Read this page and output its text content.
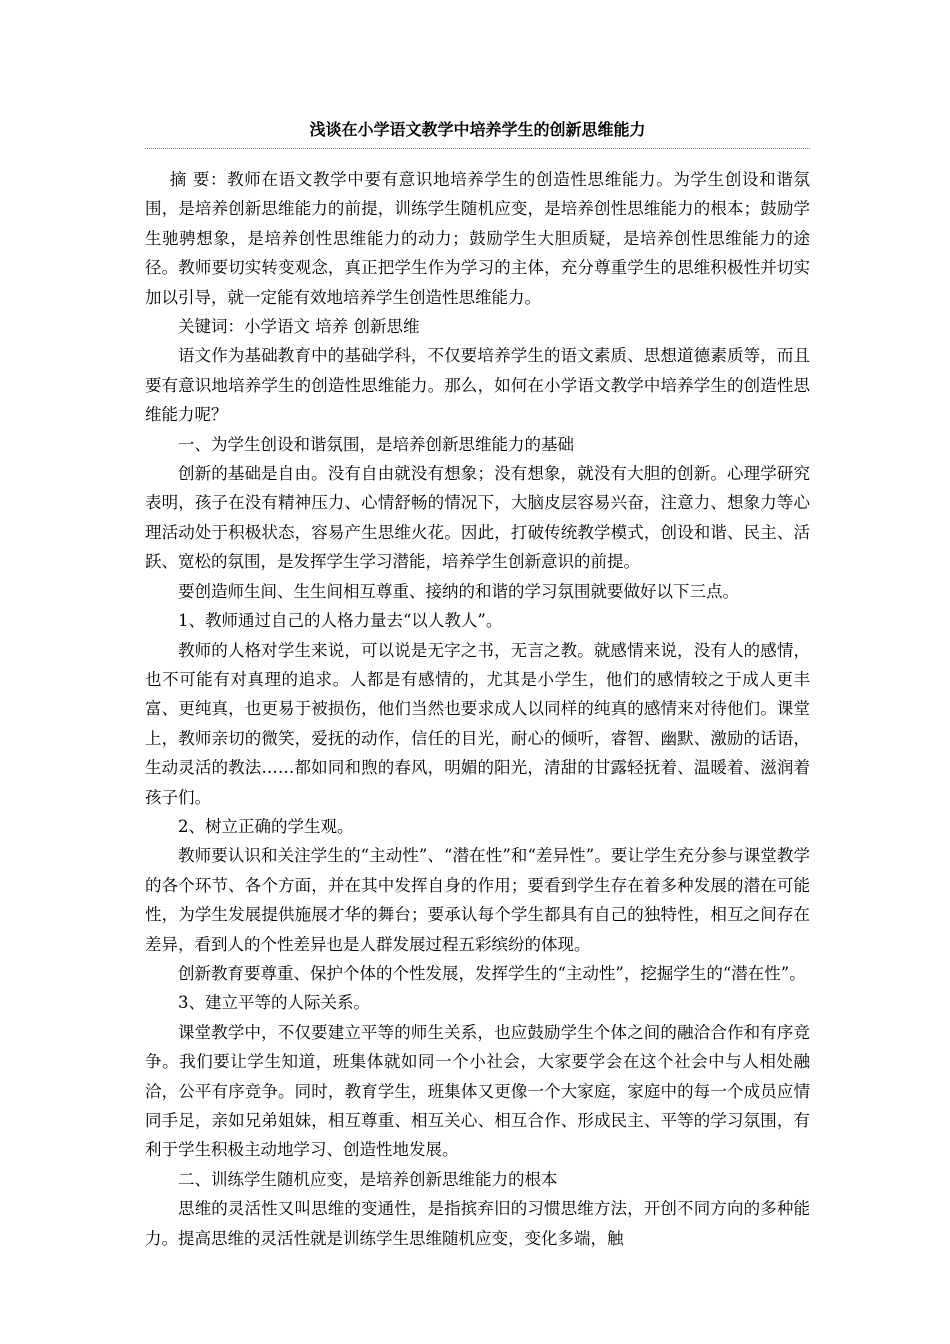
浅谈在小学语文教学中培养学生的创新思维能力

摘 要：教师在语文教学中要有意识地培养学生的创造性思维能力。为学生创设和谐氛围，是培养创新思维能力的前提，训练学生随机应变，是培养创性思维能力的根本；鼓励学生驰骋想象，是培养创性思维能力的动力；鼓励学生大胆质疑，是培养创性思维能力的途径。教师要切实转变观念，真正把学生作为学习的主体，充分尊重学生的思维积极性并切实加以引导，就一定能有效地培养学生创造性思维能力。

关键词：小学语文 培养 创新思维

语文作为基础教育中的基础学科，不仅要培养学生的语文素质、思想道德素质等，而且要有意识地培养学生的创造性思维能力。那么，如何在小学语文教学中培养学生的创造性思维能力呢？

一、为学生创设和谐氛围，是培养创新思维能力的基础

创新的基础是自由。没有自由就没有想象；没有想象，就没有大胆的创新。心理学研究表明，孩子在没有精神压力、心情舒畅的情况下，大脑皮层容易兴奋，注意力、想象力等心理活动处于积极状态，容易产生思维火花。因此，打破传统教学模式，创设和谐、民主、活跃、宽松的氛围，是发挥学生学习潜能，培养学生创新意识的前提。

要创造师生间、生生间相互尊重、接纳的和谐的学习氛围就要做好以下三点。

1、教师通过自己的人格力量去“以人教人”。

教师的人格对学生来说，可以说是无字之书，无言之教。就感情来说，没有人的感情，也不可能有对真理的追求。人都是有感情的，尤其是小学生，他们的感情较之于成人更丰富、更纯真，也更易于被损伤，他们当然也要求成人以同样的纯真的感情来对待他们。课堂上，教师亲切的微笑，爱抚的动作，信任的目光，耐心的倾听，睿智、幽默、激励的话语，生动灵活的教法……都如同和煦的春风，明媚的阳光，清甜的甘露轻抚着、温暖着、滋润着孩子们。

2、树立正确的学生观。

教师要认识和关注学生的“主动性”、“潜在性”和“差异性”。要让学生充分参与课堂教学的各个环节、各个方面，并在其中发挥自身的作用；要看到学生存在着多种发展的潜在可能性，为学生发展提供施展才华的舞台；要承认每个学生都具有自己的独特性，相互之间存在差异，看到人的个性差异也是人群发展过程五彩缤纷的体现。

创新教育要尊重、保护个体的个性发展，发挥学生的“主动性”，挖掘学生的“潜在性”。

3、建立平等的人际关系。

课堂教学中，不仅要建立平等的师生关系，也应鼓励学生个体之间的融洽合作和有序竞争。我们要让学生知道，班集体就如同一个小社会，大家要学会在这个社会中与人相处融洽，公平有序竞争。同时，教育学生，班集体又更像一个大家庭，家庭中的每一个成员应情同手足，亲如兄弟姐妹，相互尊重、相互关心、相互合作、形成民主、平等的学习氛围，有利于学生积极主动地学习、创造性地发展。

二、训练学生随机应变，是培养创新思维能力的根本

思维的灵活性又叫思维的变通性，是指摈弃旧的习惯思维方法，开创不同方向的多种能力。提高思维的灵活性就是训练学生思维随机应变，变化多端，触
